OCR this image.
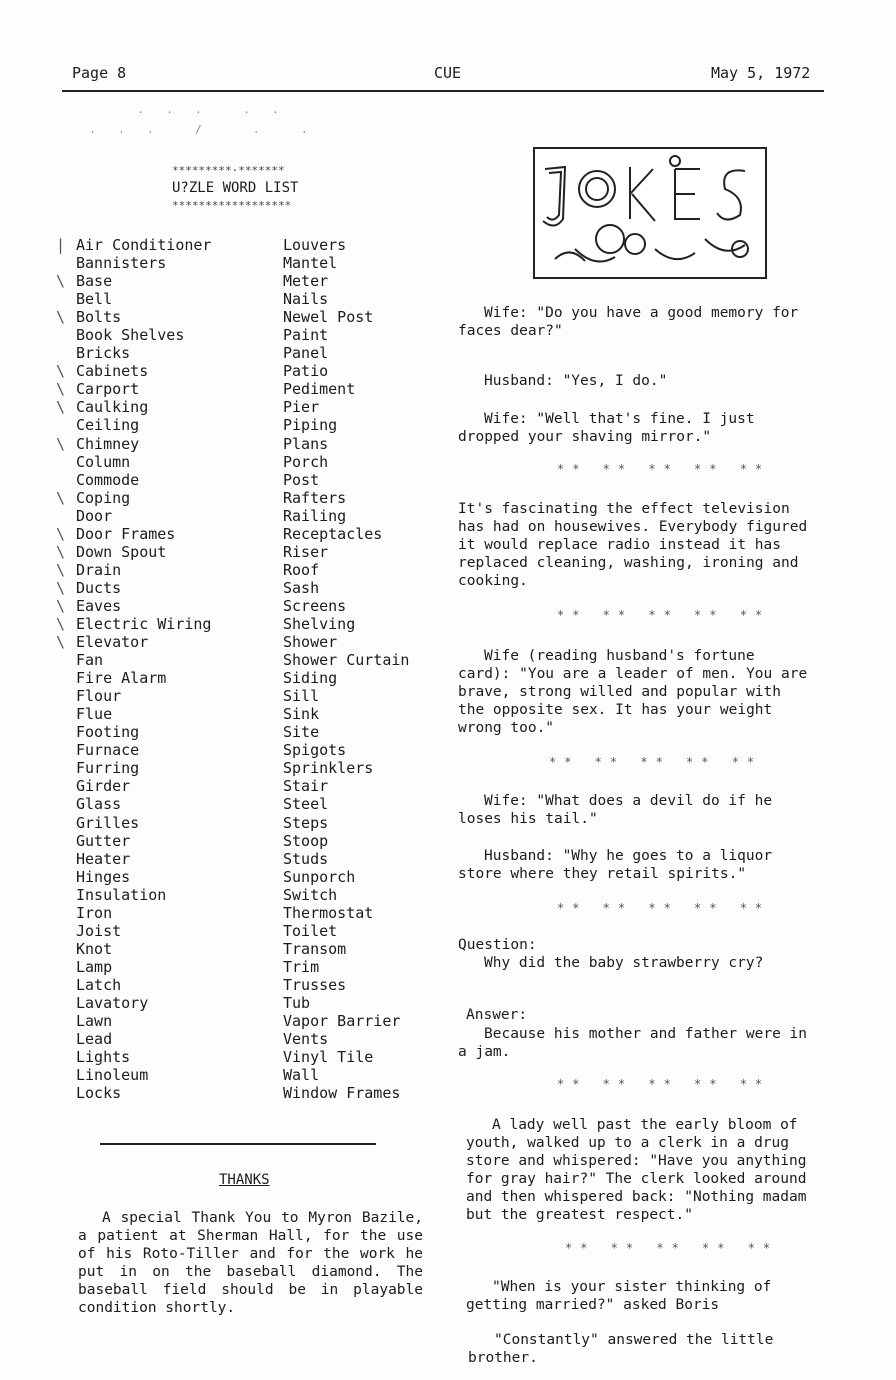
Page 8	CUE	May 5, 1972
.  .  .    .  .
.  .  .    /     .    .
*********·*******
U?ZLE WORD LIST
******************
|

\

\

\
\
\

\

\

\
\
\
\
\
\
\
Air Conditioner
Bannisters
Base
Bell
Bolts
Book Shelves
Bricks
Cabinets
Carport
Caulking
Ceiling
Chimney
Column
Commode
Coping
Door
Door Frames
Down Spout
Drain
Ducts
Eaves
Electric Wiring
Elevator
Fan
Fire Alarm
Flour
Flue
Footing
Furnace
Furring
Girder
Glass
Grilles
Gutter
Heater
Hinges
Insulation
Iron
Joist
Knot
Lamp
Latch
Lavatory
Lawn
Lead
Lights
Linoleum
Locks
Louvers
Mantel
Meter
Nails
Newel Post
Paint
Panel
Patio
Pediment
Pier
Piping
Plans
Porch
Post
Rafters
Railing
Receptacles
Riser
Roof
Sash
Screens
Shelving
Shower
Shower Curtain
Siding
Sill
Sink
Site
Spigots
Sprinklers
Stair
Steel
Steps
Stoop
Studs
Sunporch
Switch
Thermostat
Toilet
Transom
Trim
Trusses
Tub
Vapor Barrier
Vents
Vinyl Tile
Wall
Window Frames
THANKS
A special Thank You to Myron Bazile, a patient at Sherman Hall, for the use of his Roto-Tiller and for the work he put in on the baseball diamond. The baseball field should be in playable condition shortly.
Wife: "Do you have a good memory for faces dear?"
Husband: "Yes, I do."
Wife: "Well that's fine. I just dropped your shaving mirror."
** ** ** ** **
It's fascinating the effect television has had on housewives. Everybody figured it would replace radio instead it has replaced cleaning, washing, ironing and cooking.
** ** ** ** **
Wife (reading husband's fortune card): "You are a leader of men. You are brave, strong willed and popular with the opposite sex. It has your weight wrong too."
** ** ** ** **
Wife: "What does a devil do if he loses his tail."
Husband: "Why he goes to a liquor store where they retail spirits."
** ** ** ** **
Question:
Why did the baby strawberry cry?
Answer:
Because his mother and father were in a jam.
** ** ** ** **
A lady well past the early bloom of youth, walked up to a clerk in a drug store and whispered: "Have you anything for gray hair?" The clerk looked around and then whispered back: "Nothing madam but the greatest respect."
** ** ** ** **
"When is your sister thinking of getting married?" asked Boris
"Constantly" answered the little brother.
